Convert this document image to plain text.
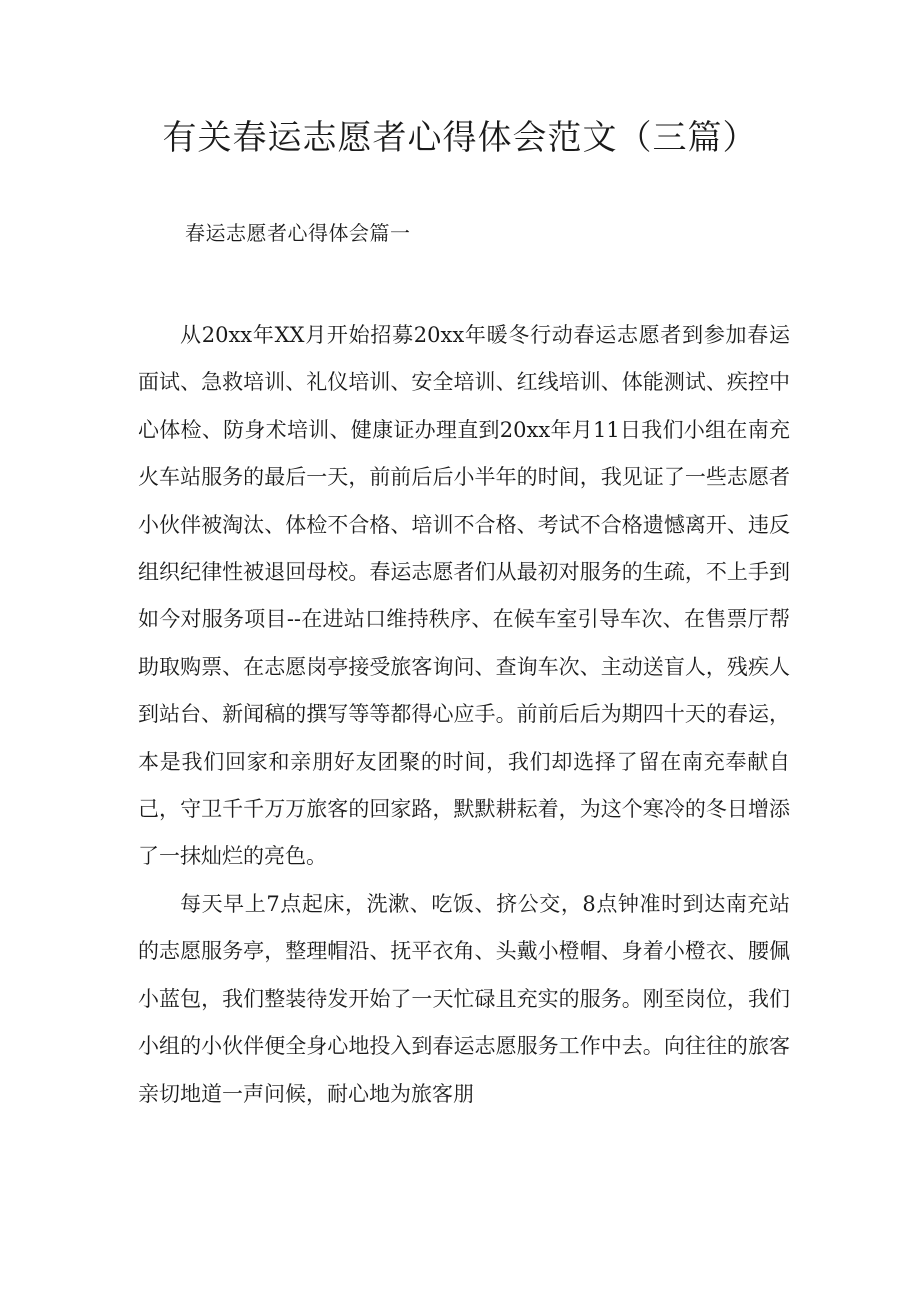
有关春运志愿者心得体会范文（三篇）
春运志愿者心得体会篇一

从20xx年XX月开始招募20xx年暖冬行动春运志愿者到参加春运面试、急救培训、礼仪培训、安全培训、红线培训、体能测试、疾控中心体检、防身术培训、健康证办理直到20xx年月11日我们小组在南充火车站服务的最后一天，前前后后小半年的时间，我见证了一些志愿者小伙伴被淘汰、体检不合格、培训不合格、考试不合格遗憾离开、违反组织纪律性被退回母校。春运志愿者们从最初对服务的生疏，不上手到如今对服务项目--在进站口维持秩序、在候车室引导车次、在售票厅帮助取购票、在志愿岗亭接受旅客询问、查询车次、主动送盲人，残疾人到站台、新闻稿的撰写等等都得心应手。前前后后为期四十天的春运，本是我们回家和亲朋好友团聚的时间，我们却选择了留在南充奉献自己，守卫千千万万旅客的回家路，默默耕耘着，为这个寒冷的冬日增添了一抹灿烂的亮色。

每天早上7点起床，洗漱、吃饭、挤公交，8点钟准时到达南充站的志愿服务亭，整理帽沿、抚平衣角、头戴小橙帽、身着小橙衣、腰佩小蓝包，我们整装待发开始了一天忙碌且充实的服务。刚至岗位，我们小组的小伙伴便全身心地投入到春运志愿服务工作中去。向往往的旅客亲切地道一声问候，耐心地为旅客朋
